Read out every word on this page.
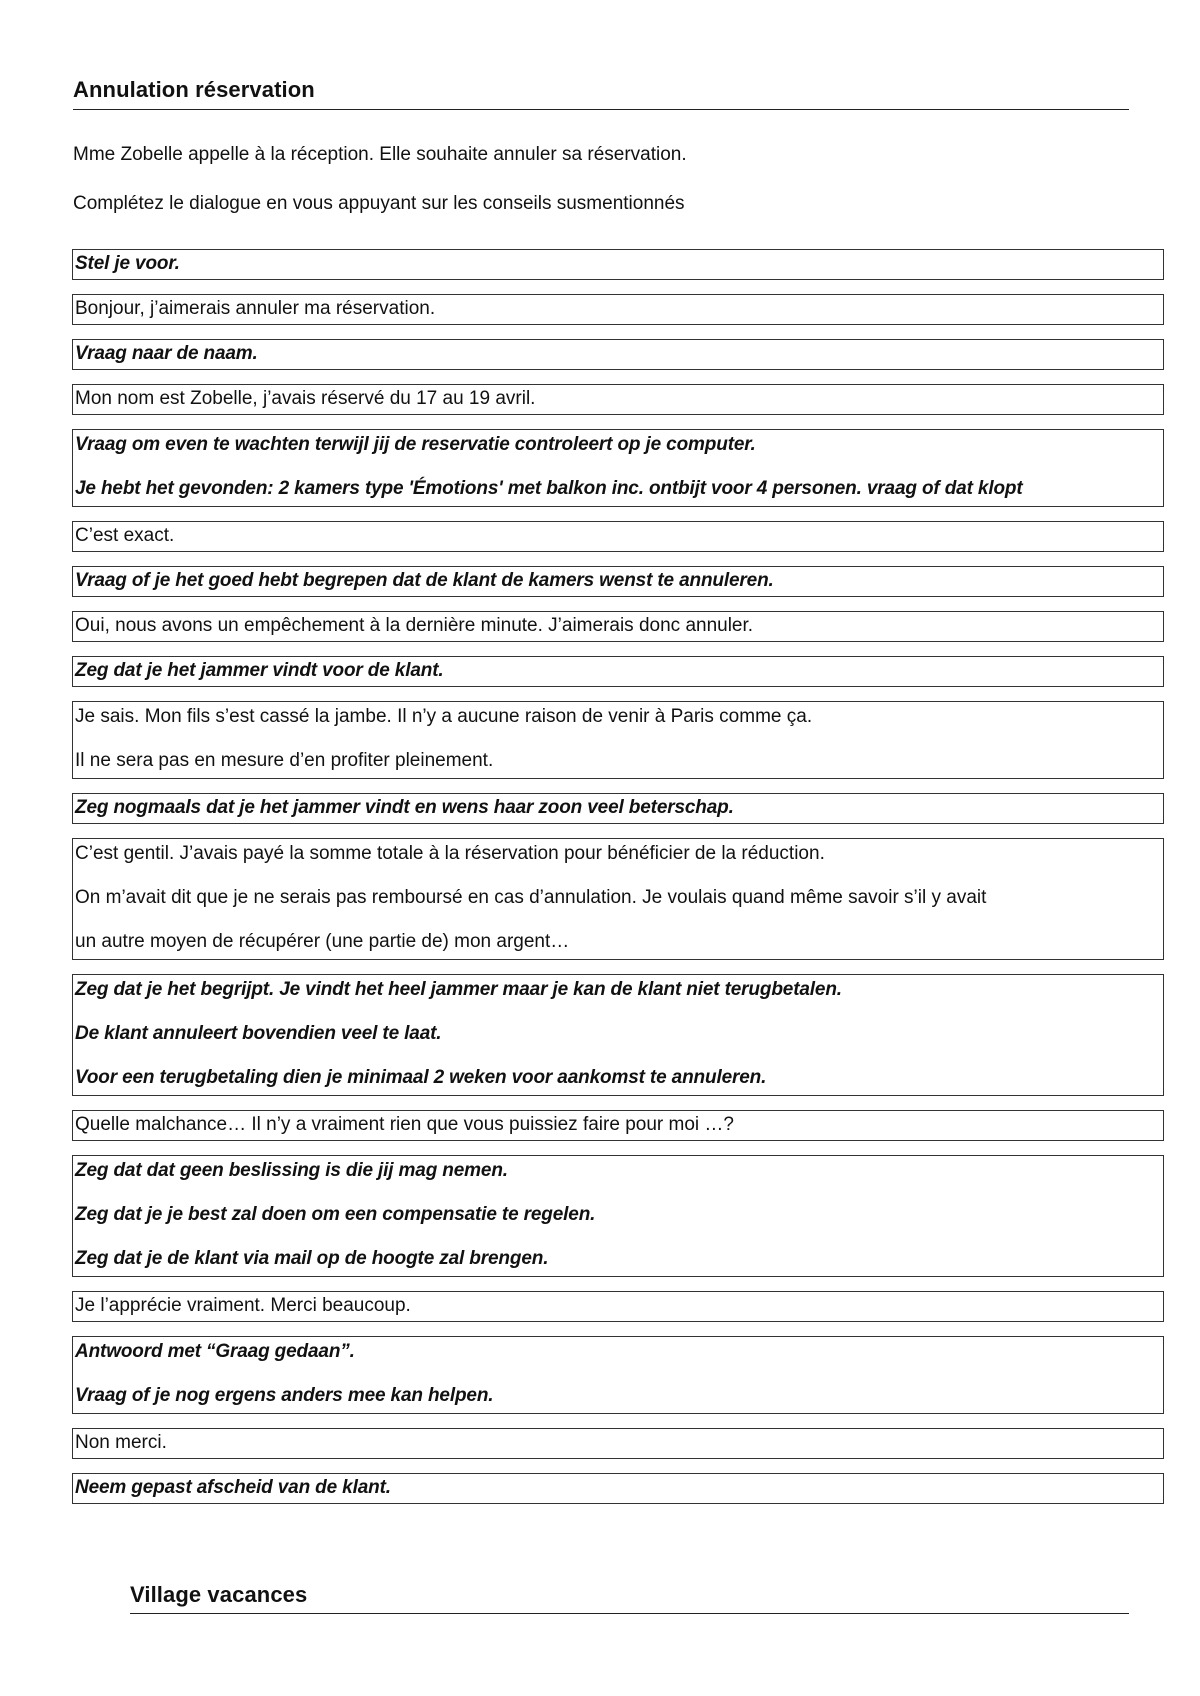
Annulation réservation
Mme Zobelle appelle à la réception. Elle souhaite annuler sa réservation.
Complétez le dialogue en vous appuyant sur les conseils susmentionnés
Stel je voor.
Bonjour, j’aimerais annuler ma réservation.
Vraag naar de naam.
Mon nom est Zobelle, j’avais réservé du 17 au 19 avril.
Vraag om even te wachten terwijl jij de reservatie controleert op je computer.
Je hebt het gevonden: 2 kamers type 'Émotions' met balkon inc. ontbijt voor 4 personen. vraag of dat klopt
C’est exact.
Vraag of je het goed hebt begrepen dat de klant de kamers wenst te annuleren.
Oui, nous avons un empêchement à la dernière minute. J’aimerais donc annuler.
Zeg dat je het jammer vindt voor de klant.
Je sais. Mon fils s’est cassé la jambe. Il n’y a aucune raison de venir à Paris comme ça.
Il ne sera pas en mesure d’en profiter pleinement.
Zeg nogmaals dat je het jammer vindt en wens haar zoon veel beterschap.
C’est gentil. J’avais payé la somme totale à la réservation pour bénéficier de la réduction.
On m’avait dit que je ne serais pas remboursé en cas d’annulation. Je voulais quand même savoir s’il y avait
un autre moyen de récupérer (une partie de) mon argent…
Zeg dat je het begrijpt. Je vindt het heel jammer maar je kan de klant niet terugbetalen.
De klant annuleert bovendien veel te laat.
Voor een terugbetaling dien je minimaal 2 weken voor aankomst te annuleren.
Quelle malchance… Il n’y a vraiment rien que vous puissiez faire pour moi …?
Zeg dat dat geen beslissing is die jij mag nemen.
Zeg dat je je best zal doen om een compensatie te regelen.
Zeg dat je de klant via mail op de hoogte zal brengen.
Je l’apprécie vraiment. Merci beaucoup.
Antwoord met “Graag gedaan”.
Vraag of je nog ergens anders mee kan helpen.
Non merci.
Neem gepast afscheid van de klant.
Village vacances
